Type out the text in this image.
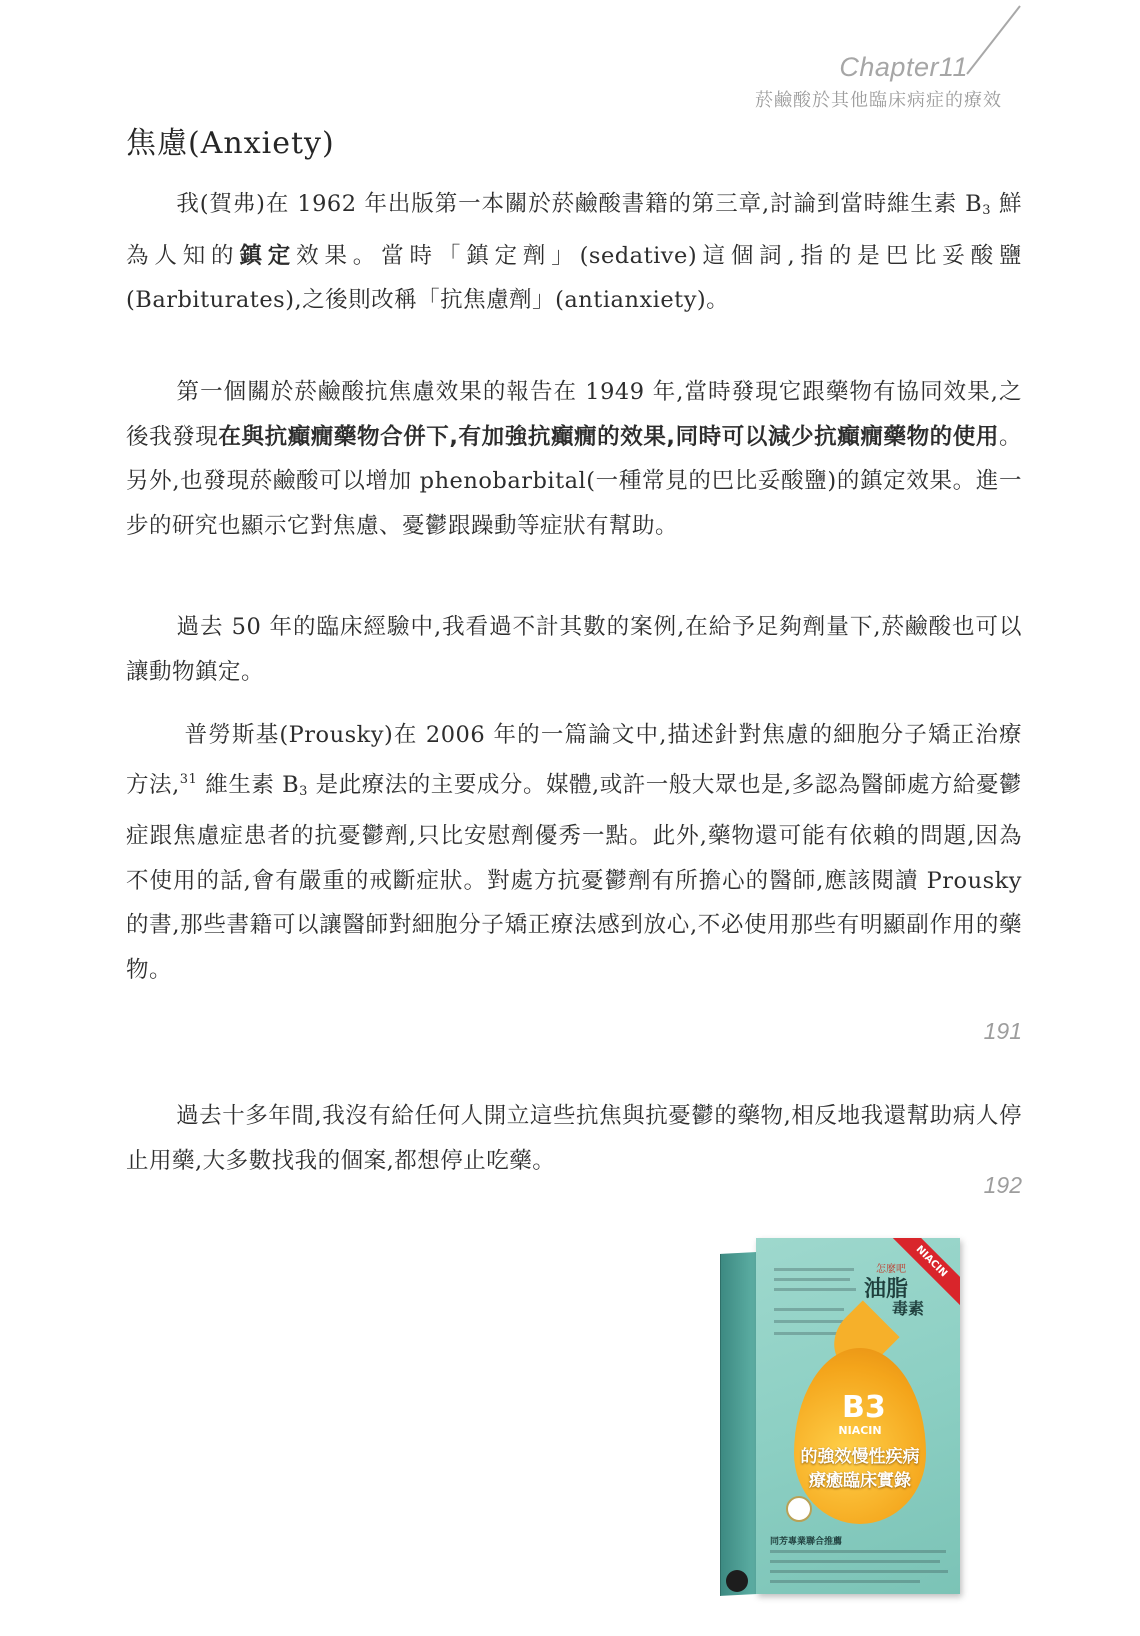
Chapter11
菸鹼酸於其他臨床病症的療效
焦慮(Anxiety)

我(賀弗)在 1962 年出版第一本關於菸鹼酸書籍的第三章,討論到當時維生素 $B_3$ 鮮為人知的鎮定效果。當時「鎮定劑」(sedative)這個詞,指的是巴比妥酸鹽(Barbiturates),之後則改稱「抗焦慮劑」(antianxiety)。

第一個關於菸鹼酸抗焦慮效果的報告在 1949 年,當時發現它跟藥物有協同效果,之後我發現在與抗癲癇藥物合併下,有加強抗癲癇的效果,同時可以減少抗癲癇藥物的使用。另外,也發現菸鹼酸可以增加 phenobarbital(一種常見的巴比妥酸鹽)的鎮定效果。進一步的研究也顯示它對焦慮、憂鬱跟躁動等症狀有幫助。

過去 50 年的臨床經驗中,我看過不計其數的案例,在給予足夠劑量下,菸鹼酸也可以讓動物鎮定。

普勞斯基(Prousky)在 2006 年的一篇論文中,描述針對焦慮的細胞分子矯正治療方法,$^{31}$ 維生素 $B_3$ 是此療法的主要成分。媒體,或許一般大眾也是,多認為醫師處方給憂鬱症跟焦慮症患者的抗憂鬱劑,只比安慰劑優秀一點。此外,藥物還可能有依賴的問題,因為不使用的話,會有嚴重的戒斷症狀。對處方抗憂鬱劑有所擔心的醫師,應該閱讀 Prousky 的書,那些書籍可以讓醫師對細胞分子矯正療法感到放心,不必使用那些有明顯副作用的藥物。

191

過去十多年間,我沒有給任何人開立這些抗焦與抗憂鬱的藥物,相反地我還幫助病人停止用藥,大多數找我的個案,都想停止吃藥。

192
NIACIN
怎麼吧
油脂
毒素
B3
NIACIN
的強效慢性疾病
療癒臨床實錄
同芳專業聯合推薦
